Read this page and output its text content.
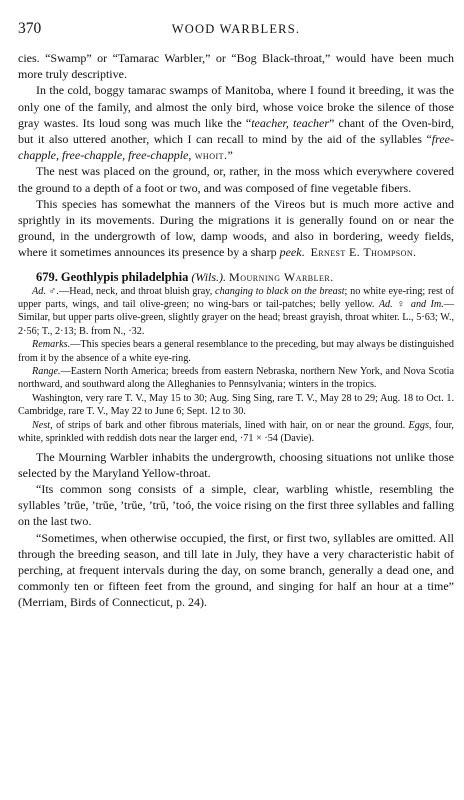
370	WOOD WARBLERS.

cies. “Swamp” or “Tamarac Warbler,” or “Bog Black-throat,” would have been much more truly descriptive.

In the cold, boggy tamarac swamps of Manitoba, where I found it breeding, it was the only one of the family, and almost the only bird, whose voice broke the silence of those gray wastes. Its loud song was much like the “teacher, teacher” chant of the Oven-bird, but it also uttered another, which I can recall to mind by the aid of the syllables “free-chapple, free-chapple, free-chapple, whoit.”

The nest was placed on the ground, or, rather, in the moss which everywhere covered the ground to a depth of a foot or two, and was composed of fine vegetable fibers.

This species has somewhat the manners of the Vireos but is much more active and sprightly in its movements. During the migrations it is generally found on or near the ground, in the undergrowth of low, damp woods, and also in bordering, weedy fields, where it sometimes announces its presence by a sharp peek. Ernest E. Thompson.

679. Geothlypis philadelphia (Wils.). Mourning Warbler.

Ad. ♂.—Head, neck, and throat bluish gray, changing to black on the breast; no white eye-ring; rest of upper parts, wings, and tail olive-green; no wing-bars or tail-patches; belly yellow. Ad. ♀ and Im.—Similar, but upper parts olive-green, slightly grayer on the head; breast grayish, throat whiter. L., 5·63; W., 2·56; T., 2·13; B. from N., ·32.

Remarks.—This species bears a general resemblance to the preceding, but may always be distinguished from it by the absence of a white eye-ring.

Range.—Eastern North America; breeds from eastern Nebraska, northern New York, and Nova Scotia northward, and southward along the Alleghanies to Pennsylvania; winters in the tropics.

Washington, very rare T. V., May 15 to 30; Aug. Sing Sing, rare T. V., May 28 to 29; Aug. 18 to Oct. 1. Cambridge, rare T. V., May 22 to June 6; Sept. 12 to 30.

Nest, of strips of bark and other fibrous materials, lined with hair, on or near the ground. Eggs, four, white, sprinkled with reddish dots near the larger end, ·71 × ·54 (Davie).

The Mourning Warbler inhabits the undergrowth, choosing situations not unlike those selected by the Maryland Yellow-throat.

“Its common song consists of a simple, clear, warbling whistle, resembling the syllables ’trŭe, ’trŭe, ’trŭe, ’trŭ, ’toó, the voice rising on the first three syllables and falling on the last two.

“Sometimes, when otherwise occupied, the first, or first two, syllables are omitted. All through the breeding season, and till late in July, they have a very characteristic habit of perching, at frequent intervals during the day, on some branch, generally a dead one, and commonly ten or fifteen feet from the ground, and singing for half an hour at a time” (Merriam, Birds of Connecticut, p. 24).
